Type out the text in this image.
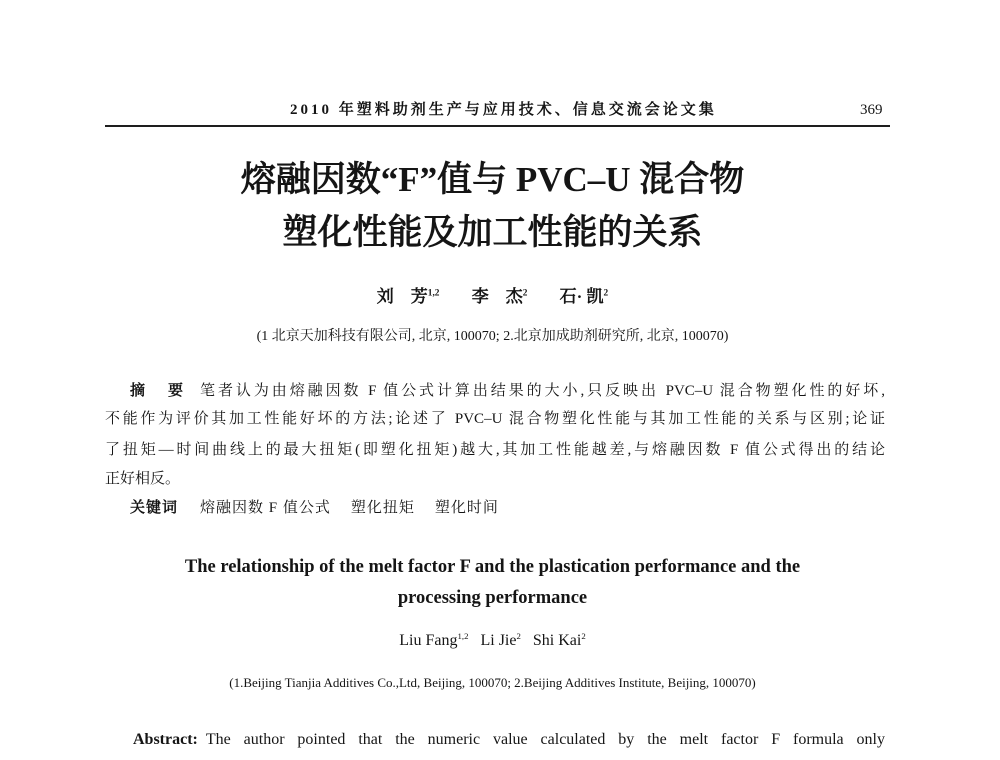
2010 年塑料助剂生产与应用技术、信息交流会论文集	369
熔融因数“F”值与 PVC–U 混合物
塑化性能及加工性能的关系
刘　芳$^{1,2}$ 李　杰$^2$ 石· 凯$^2$
(1 北京天加科技有限公司, 北京, 100070; 2.北京加成助剂研究所, 北京, 100070)
摘　要 笔者认为由熔融因数 F 值公式计算出结果的大小,只反映出 PVC–U 混合物塑化性的好坏,
不能作为评价其加工性能好坏的方法;论述了 PVC–U 混合物塑化性能与其加工性能的关系与区别;论证
了扭矩—时间曲线上的最大扭矩(即塑化扭矩)越大,其加工性能越差,与熔融因数 F 值公式得出的结论
正好相反。
关键词 熔融因数 F 值公式 塑化扭矩 塑化时间
The relationship of the melt factor F and the plastication performance and the
processing performance
Liu Fang$^{1,2}$ Li Jie$^2$ Shi Kai$^2$
(1.Beijing Tianjia Additives Co.,Ltd, Beijing, 100070; 2.Beijing Additives Institute, Beijing, 100070)
Abstract: The author pointed that the numeric value calculated by the melt factor F formula only
